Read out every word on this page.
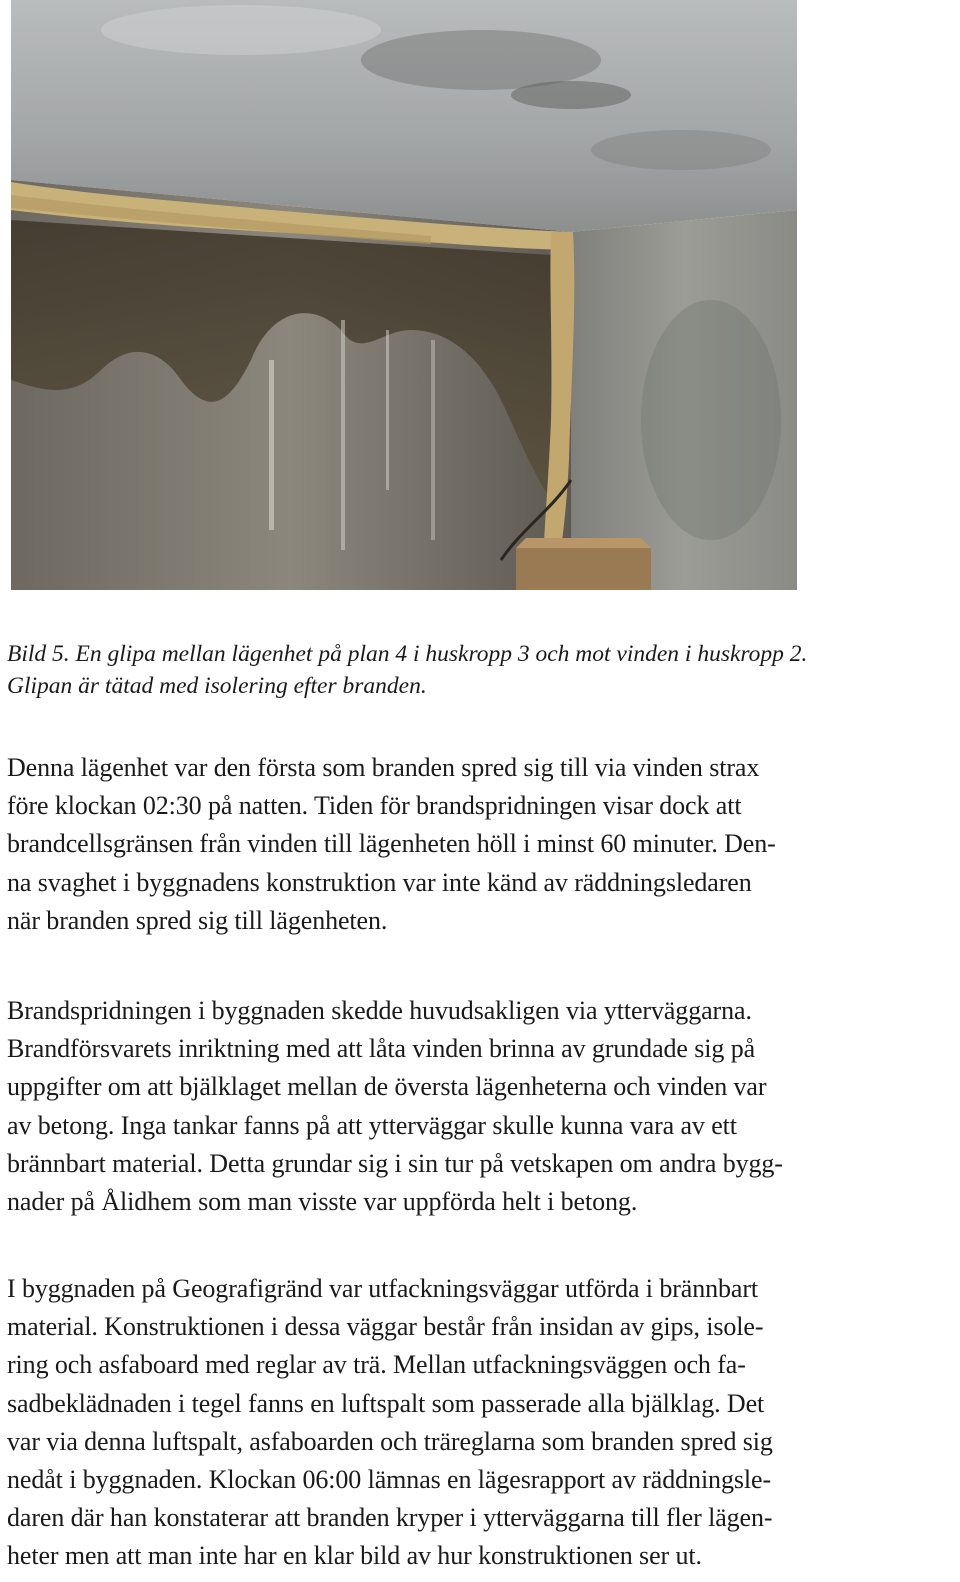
Bild 5. En glipa mellan lägenhet på plan 4 i huskropp 3 och mot vinden i huskropp 2.
Glipan är tätad med isolering efter branden.

Denna lägenhet var den första som branden spred sig till via vinden strax
före klockan 02:30 på natten. Tiden för brandspridningen visar dock att
brandcellsgränsen från vinden till lägenheten höll i minst 60 minuter. Den-
na svaghet i byggnadens konstruktion var inte känd av räddningsledaren
när branden spred sig till lägenheten.

Brandspridningen i byggnaden skedde huvudsakligen via ytterväggarna.
Brandförsvarets inriktning med att låta vinden brinna av grundade sig på
uppgifter om att bjälklaget mellan de översta lägenheterna och vinden var
av betong. Inga tankar fanns på att ytterväggar skulle kunna vara av ett
brännbart material. Detta grundar sig i sin tur på vetskapen om andra bygg-
nader på Ålidhem som man visste var uppförda helt i betong.

I byggnaden på Geografigränd var utfackningsväggar utförda i brännbart
material. Konstruktionen i dessa väggar består från insidan av gips, isole-
ring och asfaboard med reglar av trä. Mellan utfackningsväggen och fa-
sadbeklädnaden i tegel fanns en luftspalt som passerade alla bjälklag. Det
var via denna luftspalt, asfaboarden och träreglarna som branden spred sig
nedåt i byggnaden. Klockan 06:00 lämnas en lägesrapport av räddningsle-
daren där han konstaterar att branden kryper i ytterväggarna till fler lägen-
heter men att man inte har en klar bild av hur konstruktionen ser ut.
